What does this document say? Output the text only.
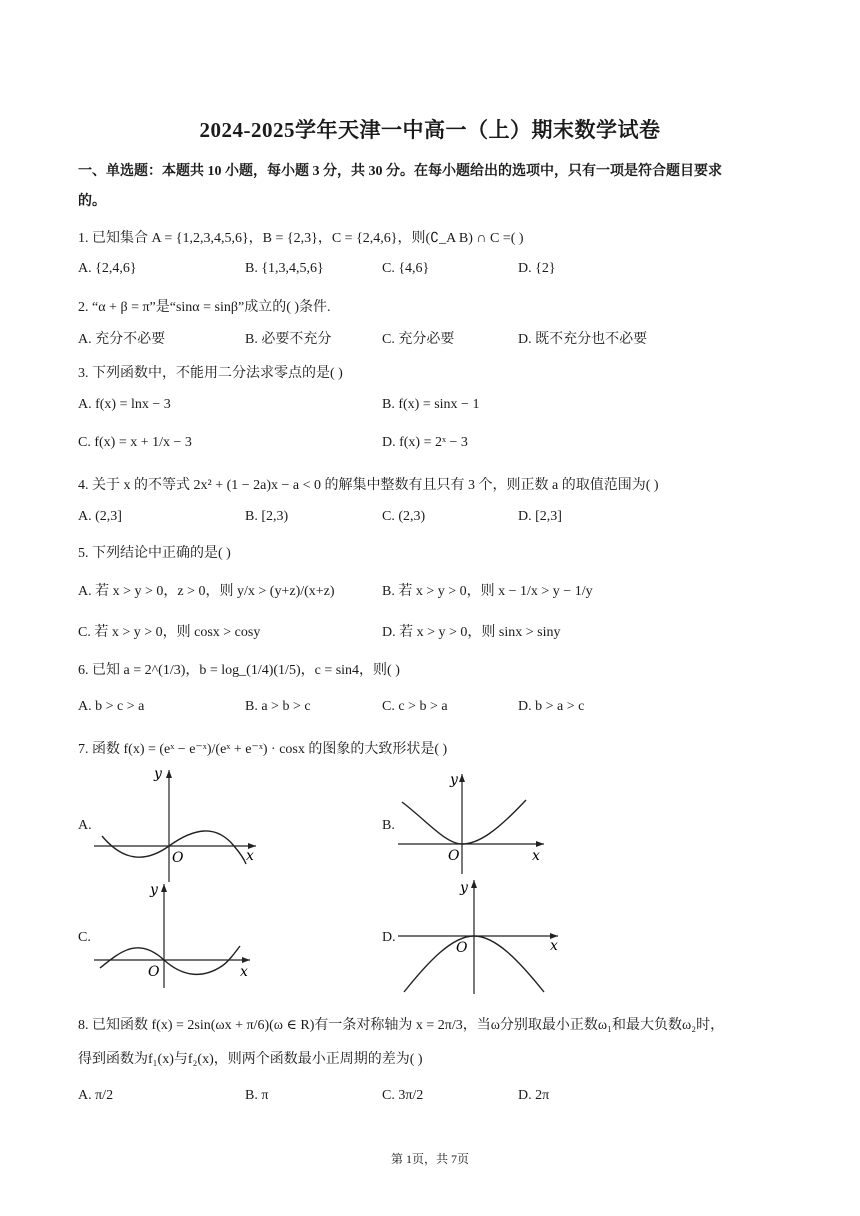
2024-2025学年天津一中高一（上）期末数学试卷
一、单选题：本题共 10 小题，每小题 3 分，共 30 分。在每小题给出的选项中，只有一项是符合题目要求
的。
1. 已知集合 A = {1,2,3,4,5,6}，B = {2,3}，C = {2,4,6}，则(∁_A B) ∩ C =( )
A. {2,4,6}	B. {1,3,4,5,6}	C. {4,6}	D. {2}
2. “α + β = π”是“sinα = sinβ”成立的( )条件.
A. 充分不必要	B. 必要不充分	C. 充分必要	D. 既不充分也不必要
3. 下列函数中，不能用二分法求零点的是( )
A. f(x) = lnx − 3	B. f(x) = sinx − 1
C. f(x) = x + 1/x − 3	D. f(x) = 2ˣ − 3
4. 关于 x 的不等式 2x² + (1 − 2a)x − a < 0 的解集中整数有且只有 3 个，则正数 a 的取值范围为( )
A. (2,3]	B. [2,3)	C. (2,3)	D. [2,3]
5. 下列结论中正确的是( )
A. 若 x > y > 0，z > 0，则 y/x > (y+z)/(x+z)	B. 若 x > y > 0，则 x − 1/x > y − 1/y
C. 若 x > y > 0，则 cosx > cosy	D. 若 x > y > 0，则 sinx > siny
6. 已知 a = 2^(1/3)，b = log_(1/4)(1/5)，c = sin4，则( )
A. b > c > a	B. a > b > c	C. c > b > a	D. b > a > c
7. 函数 f(x) = (eˣ − e⁻ˣ)/(eˣ + e⁻ˣ) · cosx 的图象的大致形状是( )
A.
y
x
O
B.
y
x
O
C.
y
x
O
D.
y
x
O
8. 已知函数 f(x) = 2sin(ωx + π/6)(ω ∈ R)有一条对称轴为 x = 2π/3，当ω分别取最小正数ω₁和最大负数ω₂时，
得到函数为f₁(x)与f₂(x)，则两个函数最小正周期的差为( )
A. π/2	B. π	C. 3π/2	D. 2π
第 1页，共 7页
